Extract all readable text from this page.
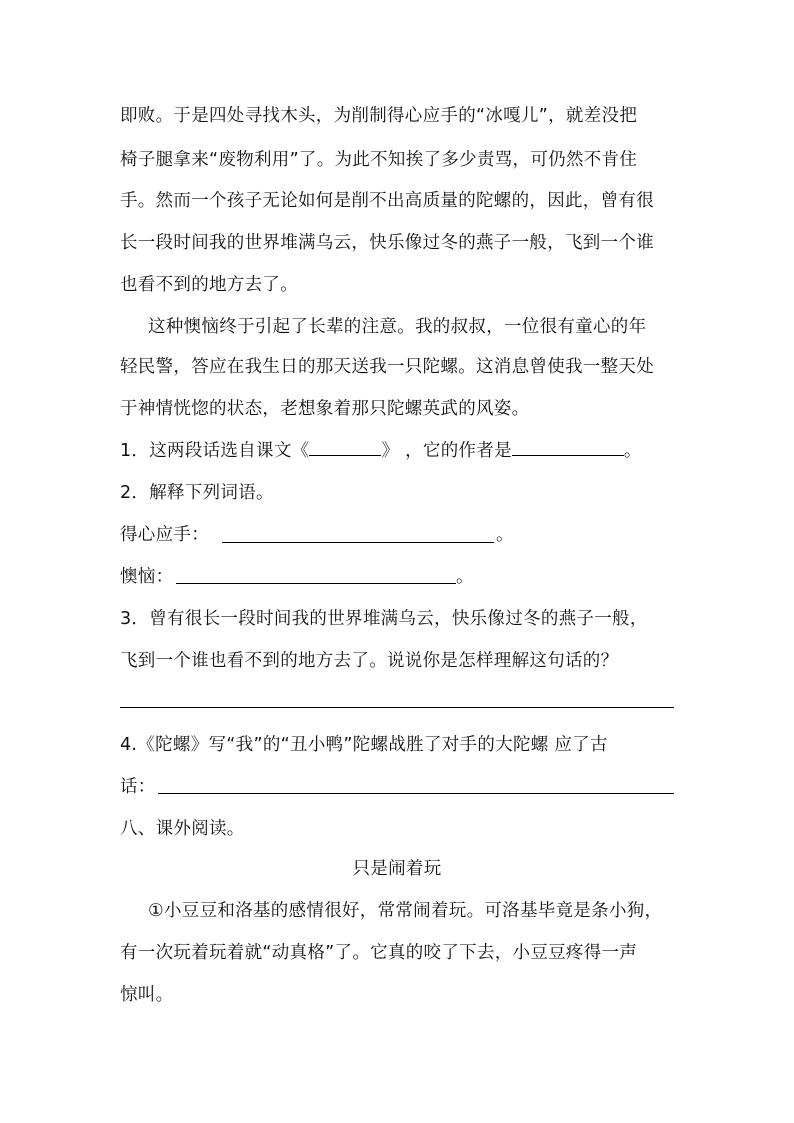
即败。于是四处寻找木头，为削制得心应手的“冰嘎儿”，就差没把
椅子腿拿来“废物利用”了。为此不知挨了多少责骂，可仍然不肯住
手。然而一个孩子无论如何是削不出高质量的陀螺的，因此，曾有很
长一段时间我的世界堆满乌云，快乐像过冬的燕子一般，飞到一个谁
也看不到的地方去了。
这种懊恼终于引起了长辈的注意。我的叔叔，一位很有童心的年
轻民警，答应在我生日的那天送我一只陀螺。这消息曾使我一整天处
于神情恍惚的状态，老想象着那只陀螺英武的风姿。
1．这两段话选自课文《	》 ，它的作者是	。
2．解释下列词语。
得心应手：	。
懊恼：	。
3．曾有很长一段时间我的世界堆满乌云，快乐像过冬的燕子一般，
飞到一个谁也看不到的地方去了。说说你是怎样理解这句话的？
4.《陀螺》写“我”的“丑小鸭”陀螺战胜了对手的大陀螺 应了古
话：
八、课外阅读。
只是闹着玩
①小豆豆和洛基的感情很好，常常闹着玩。可洛基毕竟是条小狗，
有一次玩着玩着就“动真格”了。它真的咬了下去，小豆豆疼得一声
惊叫。
